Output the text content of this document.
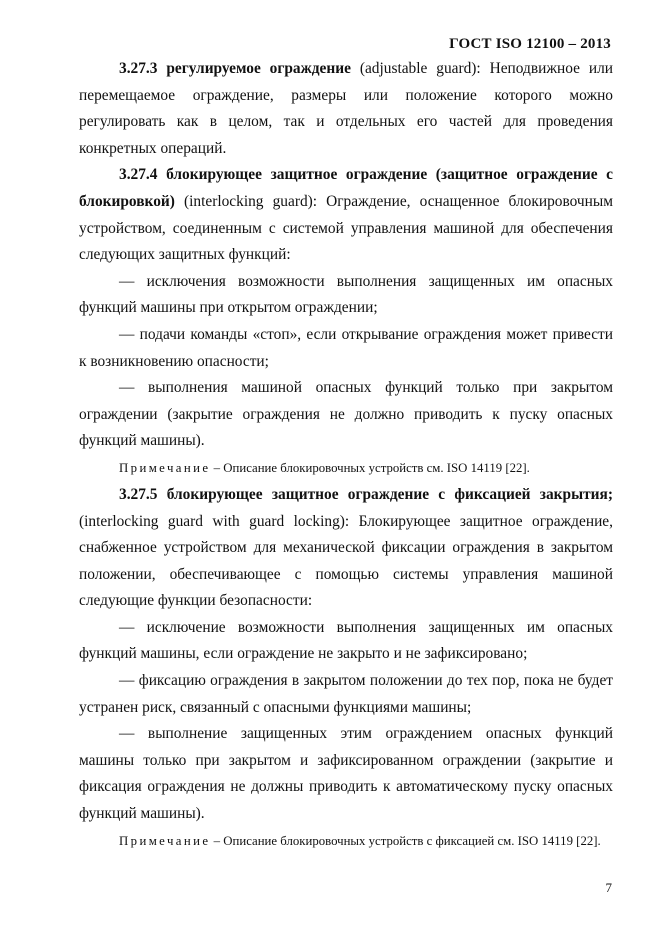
ГОСТ ISO 12100 – 2013

3.27.3 регулируемое ограждение (adjustable guard): Неподвижное или перемещаемое ограждение, размеры или положение которого можно регулировать как в целом, так и отдельных его частей для проведения конкретных операций.

3.27.4 блокирующее защитное ограждение (защитное ограждение с блокировкой) (interlocking guard): Ограждение, оснащенное блокировочным устройством, соединенным с системой управления машиной для обеспечения следующих защитных функций:

— исключения возможности выполнения защищенных им опасных функций машины при открытом ограждении;

— подачи команды «стоп», если открывание ограждения может привести к возникновению опасности;

— выполнения машиной опасных функций только при закрытом ограждении (закрытие ограждения не должно приводить к пуску опасных функций машины).

Примечание – Описание блокировочных устройств см. ISO 14119 [22].

3.27.5 блокирующее защитное ограждение с фиксацией закрытия; (interlocking guard with guard locking): Блокирующее защитное ограждение, снабженное устройством для механической фиксации ограждения в закрытом положении, обеспечивающее с помощью системы управления машиной следующие функции безопасности:

— исключение возможности выполнения защищенных им опасных функций машины, если ограждение не закрыто и не зафиксировано;

— фиксацию ограждения в закрытом положении до тех пор, пока не будет устранен риск, связанный с опасными функциями машины;

— выполнение защищенных этим ограждением опасных функций машины только при закрытом и зафиксированном ограждении (закрытие и фиксация ограждения не должны приводить к автоматическому пуску опасных функций машины).

Примечание – Описание блокировочных устройств с фиксацией см. ISO 14119 [22].

7
